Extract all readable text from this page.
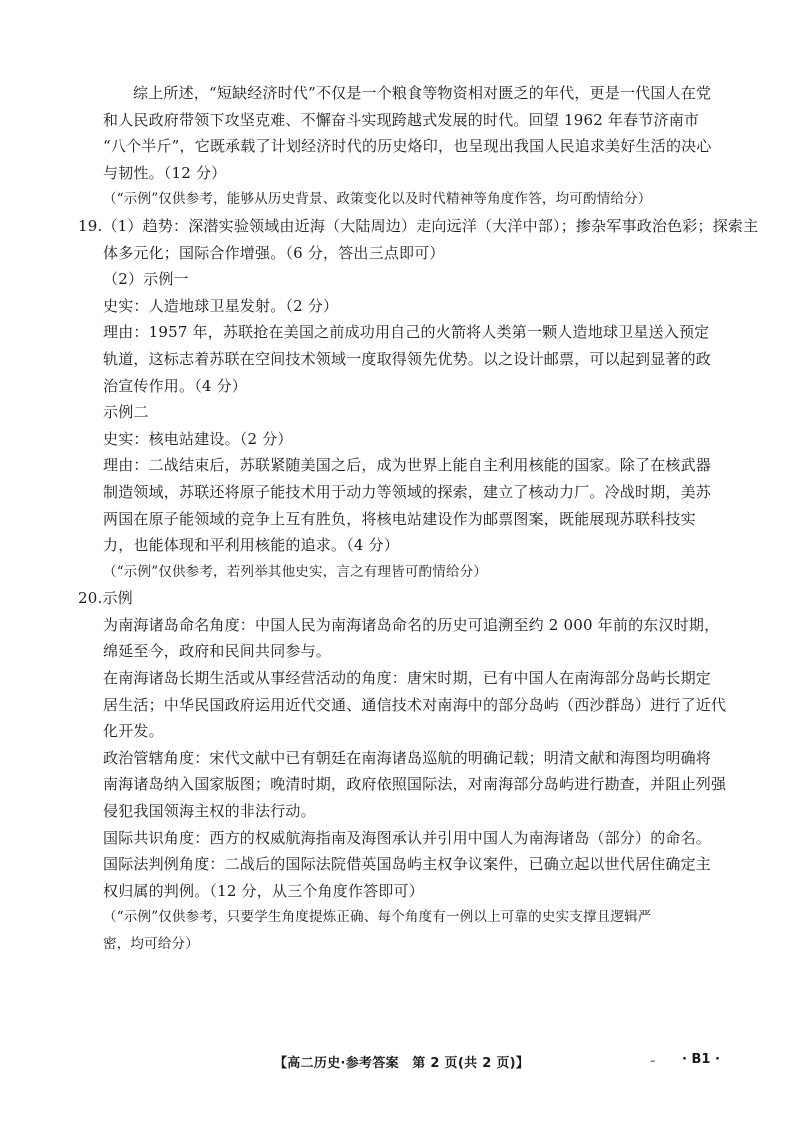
综上所述，“短缺经济时代”不仅是一个粮食等物资相对匮乏的年代，更是一代国人在党
和人民政府带领下攻坚克难、不懈奋斗实现跨越式发展的时代。回望 1962 年春节济南市
“八个半斤”，它既承载了计划经济时代的历史烙印，也呈现出我国人民追求美好生活的决心
与韧性。（12 分）
（“示例”仅供参考，能够从历史背景、政策变化以及时代精神等角度作答，均可酌情给分）
19.（1）趋势：深潜实验领域由近海（大陆周边）走向远洋（大洋中部）；掺杂军事政治色彩；探索主
体多元化；国际合作增强。（6 分，答出三点即可）
（2）示例一
史实：人造地球卫星发射。（2 分）
理由：1957 年，苏联抢在美国之前成功用自己的火箭将人类第一颗人造地球卫星送入预定
轨道，这标志着苏联在空间技术领域一度取得领先优势。以之设计邮票，可以起到显著的政
治宣传作用。（4 分）
示例二
史实：核电站建设。（2 分）
理由：二战结束后，苏联紧随美国之后，成为世界上能自主利用核能的国家。除了在核武器
制造领域，苏联还将原子能技术用于动力等领域的探索，建立了核动力厂。冷战时期，美苏
两国在原子能领域的竞争上互有胜负，将核电站建设作为邮票图案，既能展现苏联科技实
力，也能体现和平利用核能的追求。（4 分）
（“示例”仅供参考，若列举其他史实，言之有理皆可酌情给分）
20.示例
为南海诸岛命名角度：中国人民为南海诸岛命名的历史可追溯至约 2 000 年前的东汉时期，
绵延至今，政府和民间共同参与。
在南海诸岛长期生活或从事经营活动的角度：唐宋时期，已有中国人在南海部分岛屿长期定
居生活；中华民国政府运用近代交通、通信技术对南海中的部分岛屿（西沙群岛）进行了近代
化开发。
政治管辖角度：宋代文献中已有朝廷在南海诸岛巡航的明确记载；明清文献和海图均明确将
南海诸岛纳入国家版图；晚清时期，政府依照国际法，对南海部分岛屿进行勘查，并阻止列强
侵犯我国领海主权的非法行动。
国际共识角度：西方的权威航海指南及海图承认并引用中国人为南海诸岛（部分）的命名。
国际法判例角度：二战后的国际法院借英国岛屿主权争议案件，已确立起以世代居住确定主
权归属的判例。（12 分，从三个角度作答即可）
（“示例”仅供参考，只要学生角度提炼正确、每个角度有一例以上可靠的史实支撑且逻辑严
密，均可给分）
【高二历史·参考答案　第 2 页(共 2 页)】	– · B1 ·
